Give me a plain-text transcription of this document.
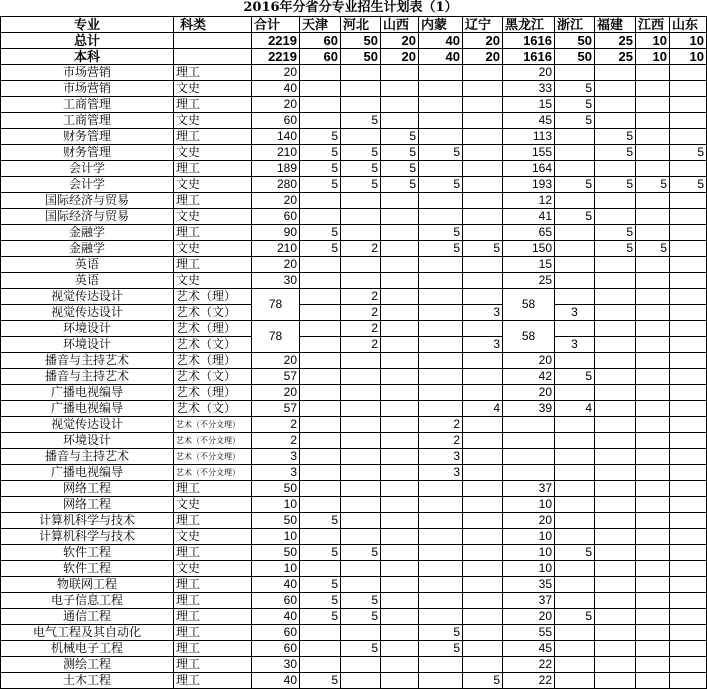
2016年分省分专业招生计划表（1）
专业	科类	合计	天津	河北	山西	内蒙	辽宁	黑龙江	浙江	福建	江西	山东
总计		2219	60	50	20	40	20	1616	50	25	10	10
本科		2219	60	50	20	40	20	1616	50	25	10	10
市场营销	理工	20						20				
市场营销	文史	40						33	5			
工商管理	理工	20						15	5			
工商管理	文史	60		5				45	5			
财务管理	理工	140	5		5			113		5		
财务管理	文史	210	5	5	5	5		155		5		5
会计学	理工	189	5	5	5			164				
会计学	文史	280	5	5	5	5		193	5	5	5	5
国际经济与贸易	理工	20						12				
国际经济与贸易	文史	60						41	5			
金融学	理工	90	5			5		65		5		
金融学	文史	210	5	2		5	5	150		5	5	
英语	理工	20						15				
英语	文史	30						25				
视觉传达设计	艺术（理）	78		2				58				
视觉传达设计	艺术（文）			2			3		3			
环境设计	艺术（理）	78		2				58				
环境设计	艺术（文）			2			3		3			
播音与主持艺术	艺术（理）	20						20				
播音与主持艺术	艺术（文）	57						42	5			
广播电视编导	艺术（理）	20						20				
广播电视编导	艺术（文）	57					4	39	4			
视觉传达设计	艺术（不分文理）	2				2						
环境设计	艺术（不分文理）	2				2						
播音与主持艺术	艺术（不分文理）	3				3						
广播电视编导	艺术（不分文理）	3				3						
网络工程	理工	50						37				
网络工程	文史	10						10				
计算机科学与技术	理工	50	5					20				
计算机科学与技术	文史	10						10				
软件工程	理工	50	5	5				10	5			
软件工程	文史	10						10				
物联网工程	理工	40	5					35				
电子信息工程	理工	60	5	5				37				
通信工程	理工	40	5	5				20	5			
电气工程及其自动化	理工	60				5		55				
机械电子工程	理工	60		5		5		45				
测绘工程	理工	30						22				
土木工程	理工	40	5				5	22				
